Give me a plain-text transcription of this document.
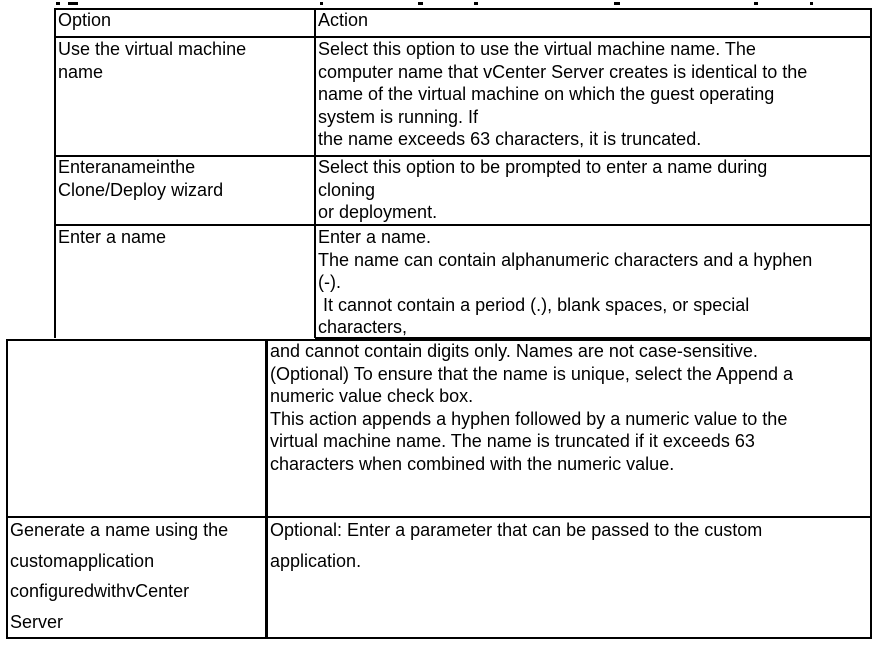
Option	Action
Use the virtual machine
name
Select this option to use the virtual machine name. The
computer name that vCenter Server creates is identical to the
name of the virtual machine on which the guest operating
system is running. If
the name exceeds 63 characters, it is truncated.
Enteranameinthe
Clone/Deploy wizard
Select this option to be prompted to enter a name during
cloning
or deployment.
Enter a name	Enter a name.
The name can contain alphanumeric characters and a hyphen
(-).
It cannot contain a period (.), blank spaces, or special
characters,
and cannot contain digits only. Names are not case-sensitive.
(Optional) To ensure that the name is unique, select the Append a
numeric value check box.
This action appends a hyphen followed by a numeric value to the
virtual machine name. The name is truncated if it exceeds 63
characters when combined with the numeric value.
Generate a name using the
customapplication
configuredwithvCenter
Server
Optional: Enter a parameter that can be passed to the custom
application.
